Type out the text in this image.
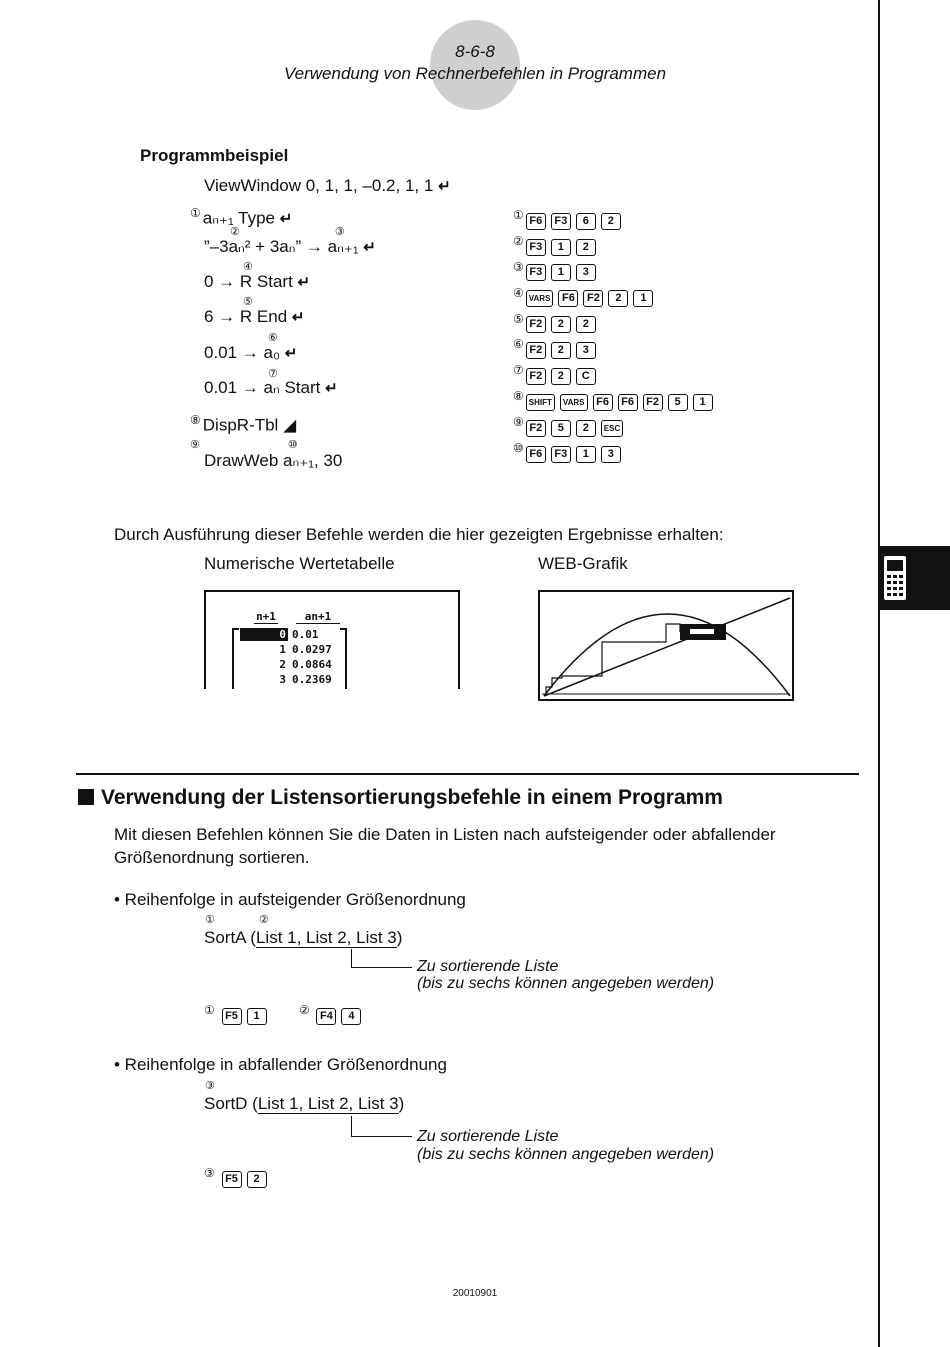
8-6-8
Verwendung von Rechnerbefehlen in Programmen
Programmbeispiel
ViewWindow 0, 1, 1, –0.2, 1, 1 ↵
① aₙ₊₁ Type ↵
②③
”–3aₙ² + 3aₙ” → aₙ₊₁ ↵
④
0 → R Start ↵
⑤
6 → R End ↵
⑥
0.01 → a₀ ↵
⑦
0.01 → aₙ Start ↵
⑧ DispR-Tbl ◢
⑨⑩
DrawWeb aₙ₊₁, 30
① F6 F3 6 2
② F3 1 2
③ F3 1 3
④ VARS F6 F2 2 1
⑤ F2 2 2
⑥ F2 2 3
⑦ F2 2 C
⑧ SHIFT VARS F6 F6 F2 5 1
⑨ F2 5 2 ESC
⑩ F6 F3 1 3
Durch Ausführung dieser Befehle werden die hier gezeigten Ergebnisse erhalten:
Numerische Wertetabelle	WEB-Grafik
n+1	an+1
0 0.01
1 0.0297
2 0.0864
3 0.2369
Verwendung der Listensortierungsbefehle in einem Programm
Mit diesen Befehlen können Sie die Daten in Listen nach aufsteigender oder abfallender
Größenordnung sortieren.
• Reihenfolge in aufsteigender Größenordnung
①	②
SortA (List 1, List 2, List 3)
Zu sortierende Liste
(bis zu sechs können angegeben werden)
① F5 1	② F4 4
• Reihenfolge in abfallender Größenordnung
③
SortD (List 1, List 2, List 3)
Zu sortierende Liste
(bis zu sechs können angegeben werden)
③ F5 2
20010901
